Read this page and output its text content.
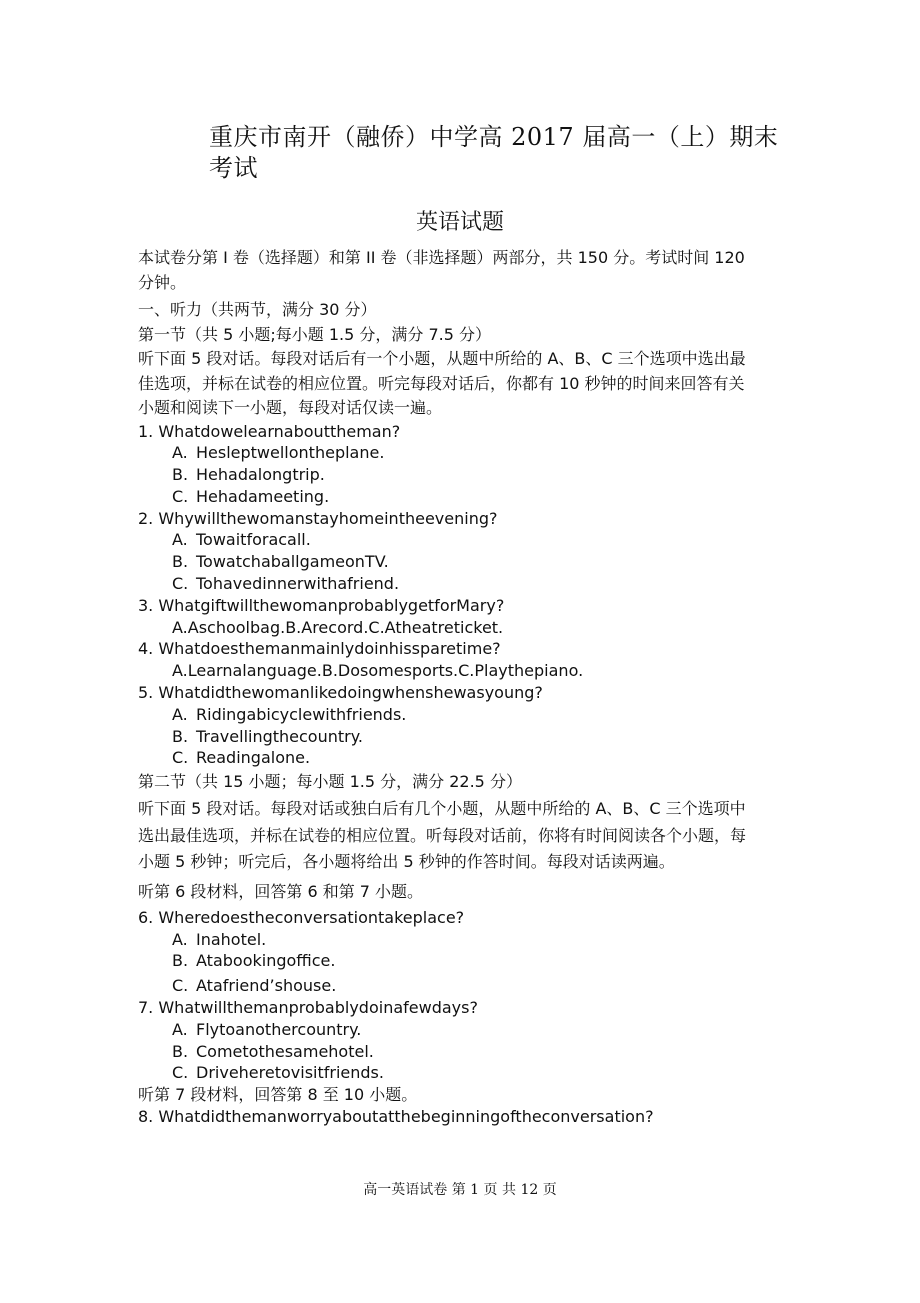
重庆市南开（融侨）中学高 2017 届高一（上）期末考试
英语试题
本试卷分第 I 卷（选择题）和第 II 卷（非选择题）两部分，共 150 分。考试时间 120 分钟。
一、听力（共两节，满分 30 分）
第一节（共 5 小题;每小题 1.5 分，满分 7.5 分）
听下面 5 段对话。每段对话后有一个小题，从题中所给的 A、B、C 三个选项中选出最佳选项，并标在试卷的相应位置。听完每段对话后，你都有 10 秒钟的时间来回答有关小题和阅读下一小题，每段对话仅读一遍。
1. Whatdowelearnabouttheman?
A. Hesleptwellontheplane.
B. Hehadalongtrip.
C. Hehadameeting.
2. Whywillthewomanstayhomeintheevening?
A. Towaitforacall.
B. TowatchaballgameonTV.
C. Tohavedinnerwithafriend.
3. WhatgiftwillthewomanprobablygetforMary?
A.Aschoolbag.B.Arecord.C.Atheatreticket.
4. Whatdoesthemanmainlydoinhissparetime?
A.Learnalanguage.B.Dosomesports.C.Playthepiano.
5. Whatdidthewomanlikedoingwhenshewasyoung?
A. Ridingabicyclewithfriends.
B. Travellingthecountry.
C. Readingalone.
第二节（共 15 小题；每小题 1.5 分，满分 22.5 分）
听下面 5 段对话。每段对话或独白后有几个小题，从题中所给的 A、B、C 三个选项中选出最佳选项，并标在试卷的相应位置。听每段对话前，你将有时间阅读各个小题，每小题 5 秒钟；听完后，各小题将给出 5 秒钟的作答时间。每段对话读两遍。
听第 6 段材料，回答第 6 和第 7 小题。
6. Wheredoestheconversationtakeplace?
A. Inahotel.
B. Atabookingoffice.
C. Atafriend’shouse.
7. Whatwillthemanprobablydoinafewdays?
A. Flytoanothercountry.
B. Cometothesamehotel.
C. Driveheretovisitfriends.
听第 7 段材料，回答第 8 至 10 小题。
8. Whatdidthemanworryaboutatthebeginningoftheconversation?
高一英语试卷 第 1 页 共 12 页
